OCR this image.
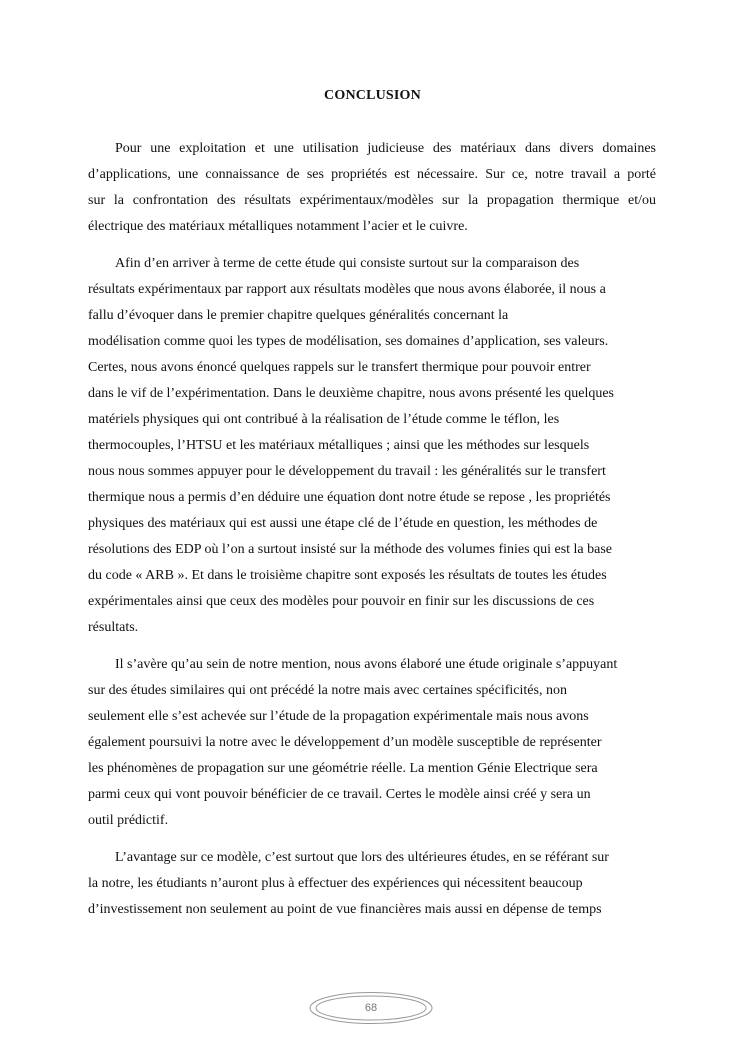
CONCLUSION

Pour une exploitation et une utilisation judicieuse des matériaux dans divers domaines
d’applications, une connaissance de ses propriétés est nécessaire. Sur ce, notre travail a porté
sur la confrontation des résultats expérimentaux/modèles sur la propagation thermique et/ou
électrique des matériaux métalliques notamment l’acier et le cuivre.

Afin d’en arriver à terme de cette étude qui consiste surtout sur la comparaison des
résultats expérimentaux par rapport aux résultats modèles que nous avons élaborée, il nous a
fallu d’évoquer dans le premier chapitre quelques généralités concernant la
modélisation comme quoi les types de modélisation, ses domaines d’application, ses valeurs.
Certes, nous avons énoncé quelques rappels sur le transfert thermique pour pouvoir entrer
dans le vif de l’expérimentation. Dans le deuxième chapitre, nous avons présenté les quelques
matériels physiques qui ont contribué à la réalisation de l’étude comme le téflon, les
thermocouples, l’HTSU et les matériaux métalliques ; ainsi que les méthodes sur lesquels
nous nous sommes appuyer pour le développement du travail : les généralités sur le transfert
thermique nous a permis d’en déduire une équation dont notre étude se repose , les propriétés
physiques des matériaux qui est aussi une étape clé de l’étude en question, les méthodes de
résolutions des EDP où l’on a surtout insisté sur la méthode des volumes finies qui est la base
du code « ARB ». Et dans le troisième chapitre sont exposés les résultats de toutes les études
expérimentales ainsi que ceux des modèles pour pouvoir en finir sur les discussions de ces
résultats.

Il s’avère qu’au sein de notre mention, nous avons élaboré une étude originale s’appuyant
sur des études similaires qui ont précédé la notre mais avec certaines spécificités, non
seulement elle s’est achevée sur l’étude de la propagation expérimentale mais nous avons
également poursuivi la notre avec le développement d’un modèle susceptible de représenter
les phénomènes de propagation sur une géométrie réelle. La mention Génie Electrique sera
parmi ceux qui vont pouvoir bénéficier de ce travail. Certes le modèle ainsi créé y sera un
outil prédictif.

L’avantage sur ce modèle, c’est surtout que lors des ultérieures études, en se référant sur
la notre, les étudiants n’auront plus à effectuer des expériences qui nécessitent beaucoup
d’investissement non seulement au point de vue financières mais aussi en dépense de temps

68
